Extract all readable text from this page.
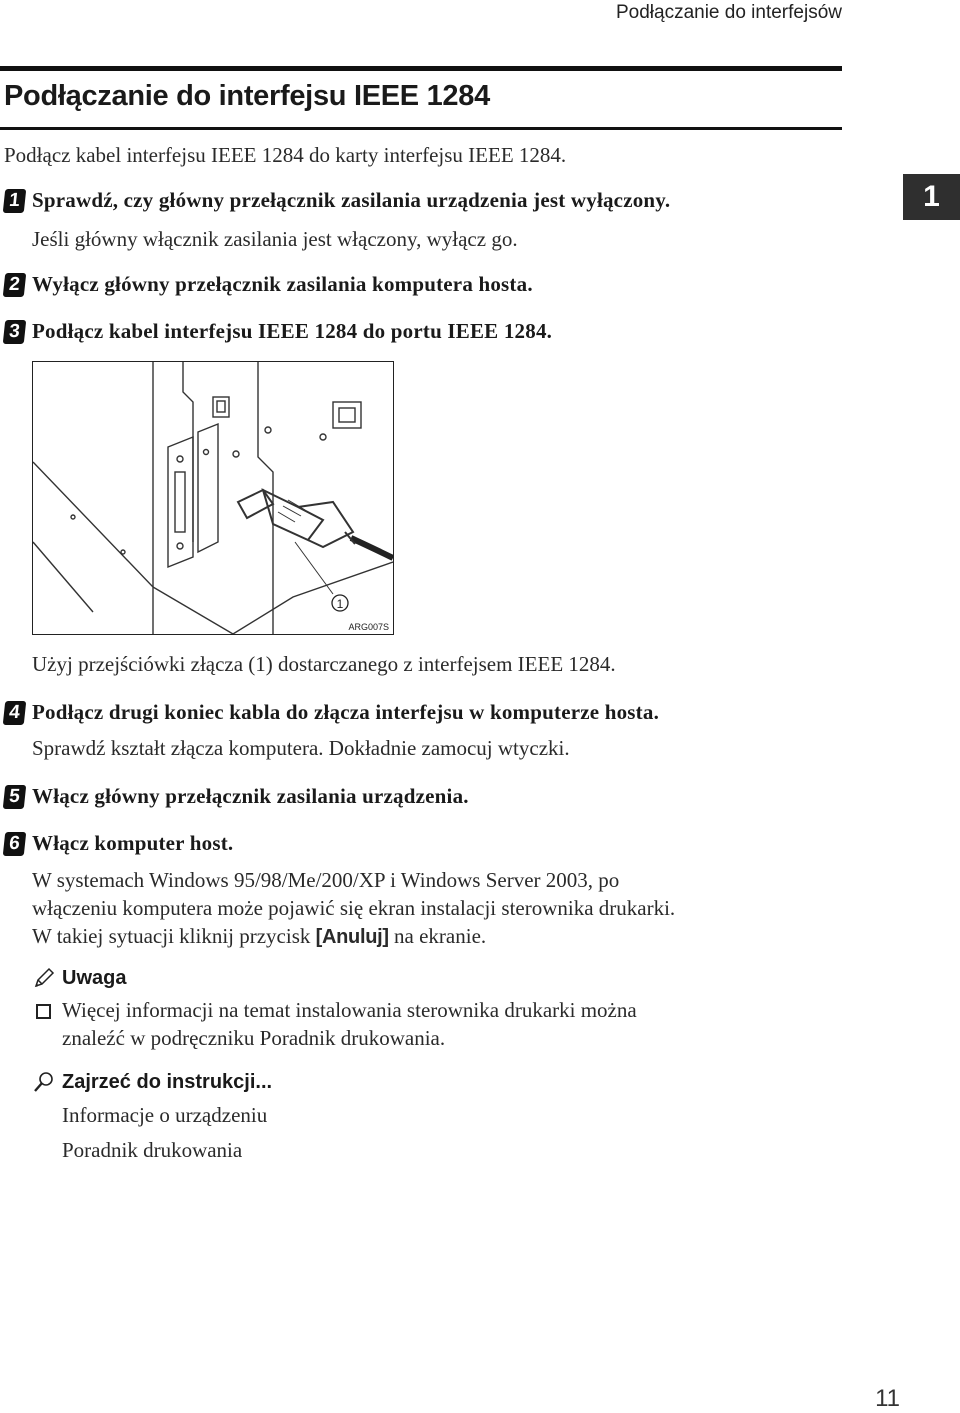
Podłączanie do interfejsów
Podłączanie do interfejsu IEEE 1284

Podłącz kabel interfejsu IEEE 1284 do karty interfejsu IEEE 1284.

1
1 Sprawdź, czy główny przełącznik zasilania urządzenia jest wyłączony.

Jeśli główny włącznik zasilania jest włączony, wyłącz go.

2 Wyłącz główny przełącznik zasilania komputera hosta.
3 Podłącz kabel interfejsu IEEE 1284 do portu IEEE 1284.
1
ARG007S

Użyj przejściówki złącza (1) dostarczanego z interfejsem IEEE 1284.

4 Podłącz drugi koniec kabla do złącza interfejsu w komputerze hosta.

Sprawdź kształt złącza komputera. Dokładnie zamocuj wtyczki.

5 Włącz główny przełącznik zasilania urządzenia.
6 Włącz komputer host.

W systemach Windows 95/98/Me/200/XP i Windows Server 2003, po

włączeniu komputera może pojawić się ekran instalacji sterownika drukarki.

W takiej sytuacji kliknij przycisk [Anuluj] na ekranie.

Uwaga

Więcej informacji na temat instalowania sterownika drukarki można

znaleźć w podręczniku Poradnik drukowania.

Zajrzeć do instrukcji...

Informacje o urządzeniu

Poradnik drukowania

11
